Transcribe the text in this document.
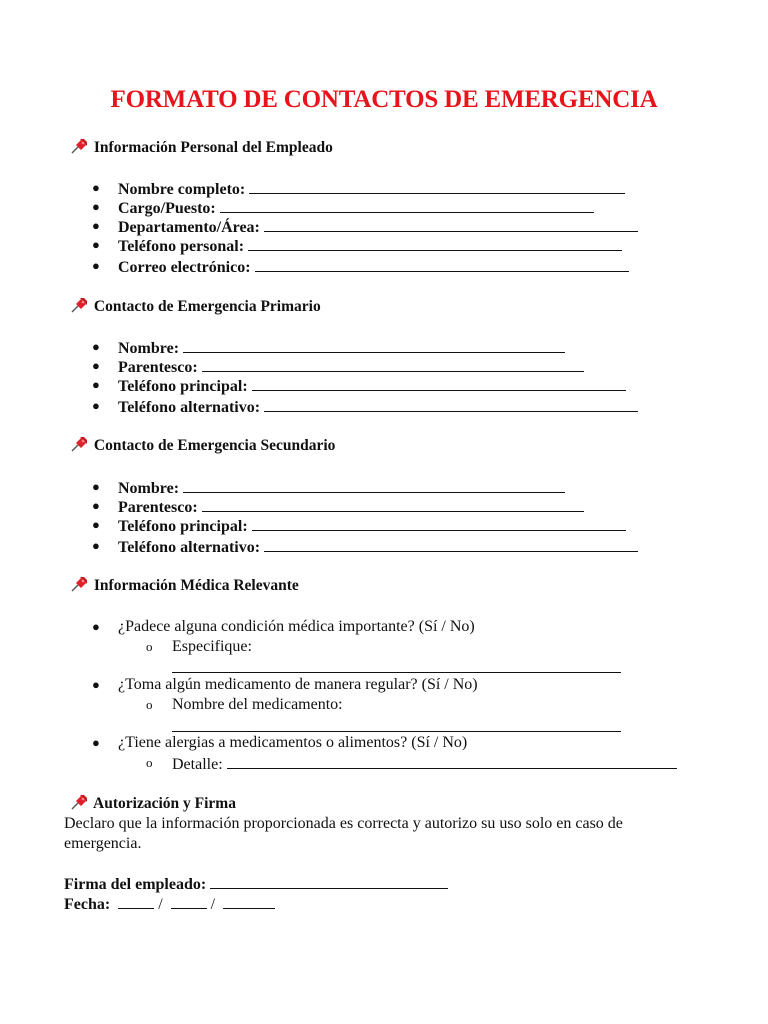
FORMATO DE CONTACTOS DE EMERGENCIA
Información Personal del Empleado
● Nombre completo:
● Cargo/Puesto:
● Departamento/Área:
● Teléfono personal:
● Correo electrónico:
Contacto de Emergencia Primario
● Nombre:
● Parentesco:
● Teléfono principal:
● Teléfono alternativo:
Contacto de Emergencia Secundario
● Nombre:
● Parentesco:
● Teléfono principal:
● Teléfono alternativo:
Información Médica Relevante
● ¿Padece alguna condición médica importante? (Sí / No)
o Especifique:
● ¿Toma algún medicamento de manera regular? (Sí / No)
o Nombre del medicamento:
● ¿Tiene alergias a medicamentos o alimentos? (Sí / No)
o Detalle:
Autorización y Firma
Declaro que la información proporcionada es correcta y autorizo su uso solo en caso de emergencia.
Firma del empleado:
Fecha:	/	/
